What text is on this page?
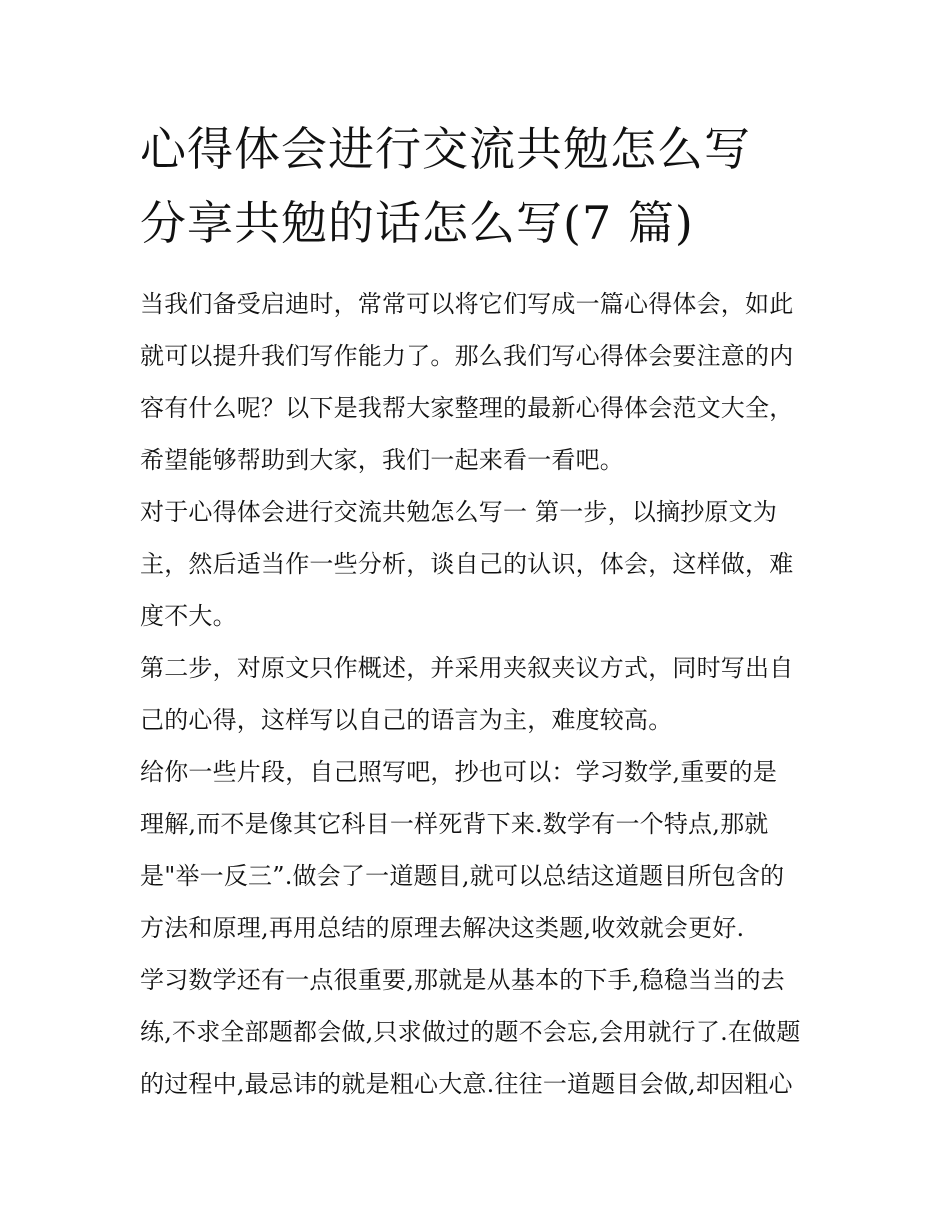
心得体会进行交流共勉怎么写
分享共勉的话怎么写(7 篇)
当我们备受启迪时，常常可以将它们写成一篇心得体会，如此
就可以提升我们写作能力了。那么我们写心得体会要注意的内
容有什么呢？以下是我帮大家整理的最新心得体会范文大全，
希望能够帮助到大家，我们一起来看一看吧。
对于心得体会进行交流共勉怎么写一 第一步，以摘抄原文为
主，然后适当作一些分析，谈自己的认识，体会，这样做，难
度不大。
第二步，对原文只作概述，并采用夹叙夹议方式，同时写出自
己的心得，这样写以自己的语言为主，难度较高。
给你一些片段，自己照写吧，抄也可以：学习数学,重要的是
理解,而不是像其它科目一样死背下来.数学有一个特点,那就
是"举一反三”.做会了一道题目,就可以总结这道题目所包含的
方法和原理,再用总结的原理去解决这类题,收效就会更好.
学习数学还有一点很重要,那就是从基本的下手,稳稳当当的去
练,不求全部题都会做,只求做过的题不会忘,会用就行了.在做题
的过程中,最忌讳的就是粗心大意.往往一道题目会做,却因粗心
